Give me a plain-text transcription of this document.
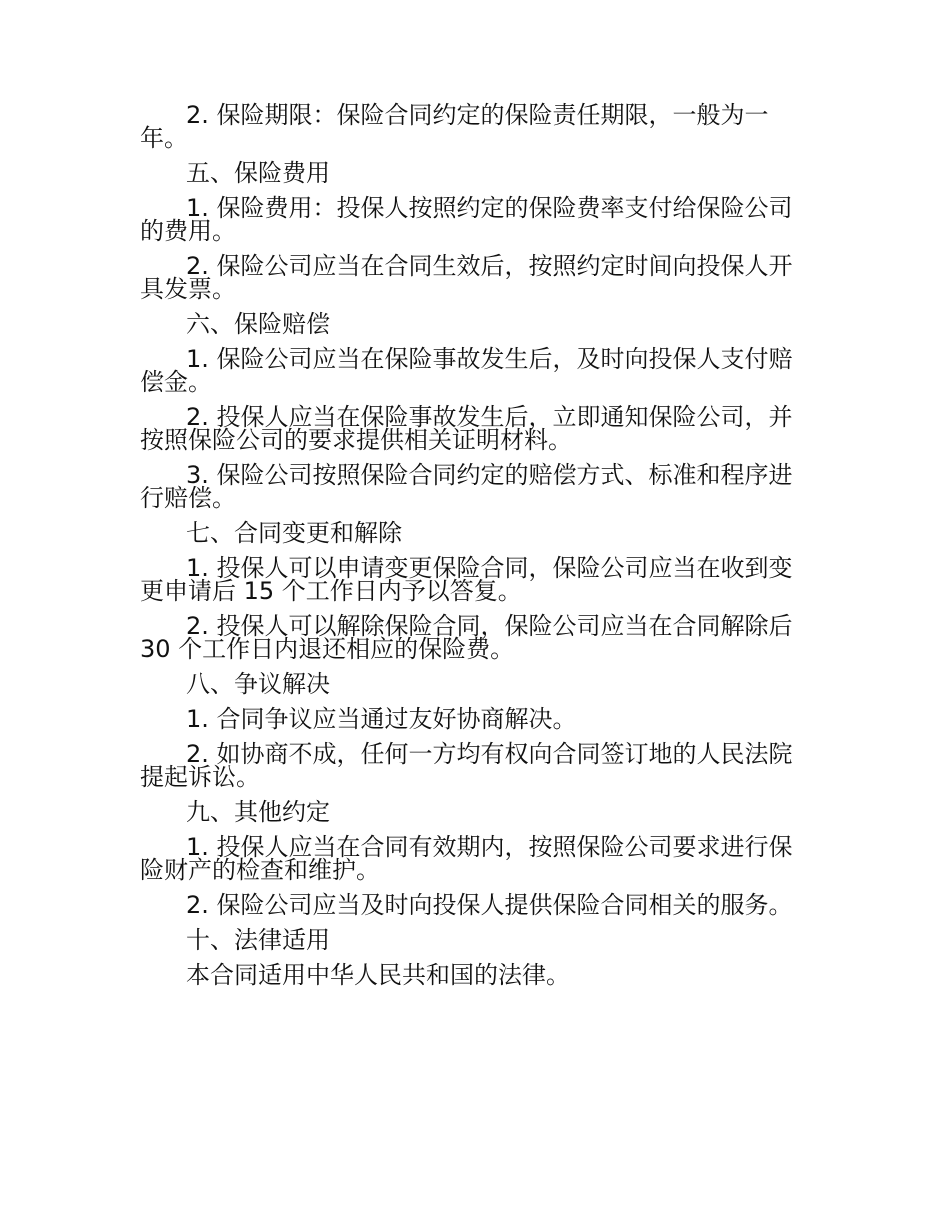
2. 保险期限：保险合同约定的保险责任期限，一般为一年。

五、保险费用

1. 保险费用：投保人按照约定的保险费率支付给保险公司的费用。

2. 保险公司应当在合同生效后，按照约定时间向投保人开具发票。

六、保险赔偿

1. 保险公司应当在保险事故发生后，及时向投保人支付赔偿金。

2. 投保人应当在保险事故发生后，立即通知保险公司，并按照保险公司的要求提供相关证明材料。

3. 保险公司按照保险合同约定的赔偿方式、标准和程序进行赔偿。

七、合同变更和解除

1. 投保人可以申请变更保险合同，保险公司应当在收到变更申请后 15 个工作日内予以答复。

2. 投保人可以解除保险合同，保险公司应当在合同解除后 30 个工作日内退还相应的保险费。

八、争议解决

1. 合同争议应当通过友好协商解决。

2. 如协商不成，任何一方均有权向合同签订地的人民法院提起诉讼。

九、其他约定

1. 投保人应当在合同有效期内，按照保险公司要求进行保险财产的检查和维护。

2. 保险公司应当及时向投保人提供保险合同相关的服务。

十、法律适用

本合同适用中华人民共和国的法律。
